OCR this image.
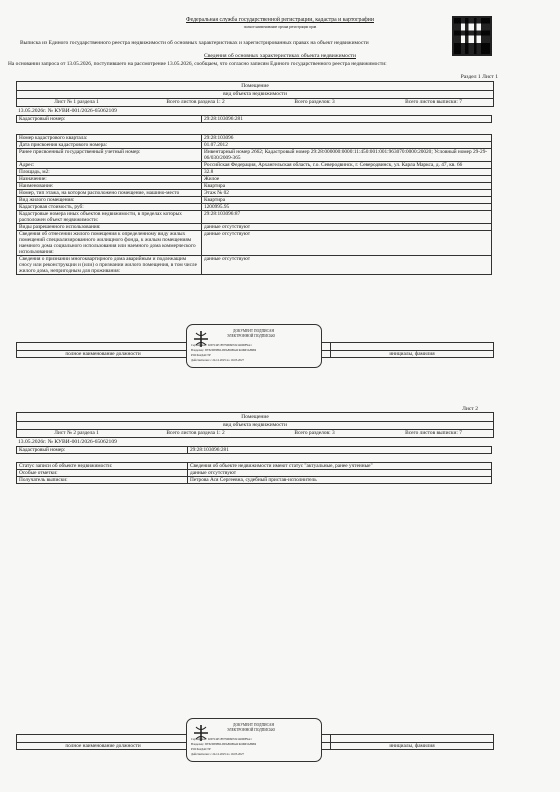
Федеральная служба государственной регистрации, кадастра и картографии
полное наименование органа регистрации прав
Выписка из Единого государственного реестра недвижимости об основных характеристиках и зарегистрированных правах на объект недвижимости
Сведения об основных характеристиках объекта недвижимости
На основании запроса от 13.05.2026, поступившего на рассмотрение 13.05.2026, сообщаем, что согласно записям Единого государственного реестра недвижимости:
Раздел 1 Лист 1
Помещение
вид объекта недвижимости
Лист № 1 раздела 1	Всего листов раздела 1: 2	Всего разделов: 3	Всего листов выписки: 7
13.05.2026г. № КУВИ-001/2026-65062109
Кадастровый номер:	29:28:103096:281
Номер кадастрового квартала:	29:28:103096
Дата присвоения кадастрового номера:	01.07.2012
Ранее присвоенный государственный учетный номер:	Инвентарный номер 2662; Кадастровый номер 29:28:000000:0000:11:450:001:001:963070:0000:20020; Условный номер 29-29-06/030/2009-365
Адрес:	Российская Федерация, Архангельская область, г.о. Северодвинск, г. Северодвинск, ул. Карла Маркса, д. 47, кв. 66
Площадь, м2:	32.8
Назначение:	Жилое
Наименование:	Квартира
Номер, тип этажа, на котором расположено помещение, машино-место	Этаж № 02
Вид жилого помещения:	Квартира
Кадастровая стоимость, руб:	1200995.95
Кадастровые номера иных объектов недвижимости, в пределах которых расположен объект недвижимости:	29:28:103096:87
Виды разрешенного использования:	данные отсутствуют
Сведения об отнесении жилого помещения к определенному виду жилых помещений специализированного жилищного фонда, к жилым помещениям наемного дома социального использования или наемного дома коммерческого использования:	данные отсутствуют
Сведения о признании многоквартирного дома аварийным и подлежащим сносу или реконструкции и (или) о признании жилого помещения, в том числе жилого дома, непригодным для проживания:	данные отсутствуют

полное наименование должности		инициалы, фамилия
ДОКУМЕНТ ПОДПИСАН
ЭЛЕКТРОННОЙ ПОДПИСЬЮ
Сертификат: 0297C4E1F079966033214606F9A1
Владелец: ПУБЛИЧНО-ПРАВОВАЯ КОМПАНИЯ
РОСКАДАСТР
Действителен: с 24.12.2025 по 19.03.2027
Лист 2
Помещение
вид объекта недвижимости
Лист № 2 раздела 1	Всего листов раздела 1: 2	Всего разделов: 3	Всего листов выписки: 7
13.05.2026г. № КУВИ-001/2026-65062109
Кадастровый номер:	29:28:103096:281
Статус записи об объекте недвижимости:	Сведения об объекте недвижимости имеют статус "актуальные, ранее учтенные"
Особые отметки:	данные отсутствуют
Получатель выписки:	Петрова Ася Сергеевна, судебный пристав-исполнитель

полное наименование должности		инициалы, фамилия
ДОКУМЕНТ ПОДПИСАН
ЭЛЕКТРОННОЙ ПОДПИСЬЮ
Сертификат: 0297C4E1F079966033214606F9A1
Владелец: ПУБЛИЧНО-ПРАВОВАЯ КОМПАНИЯ
РОСКАДАСТР
Действителен: с 24.12.2025 по 19.03.2027
